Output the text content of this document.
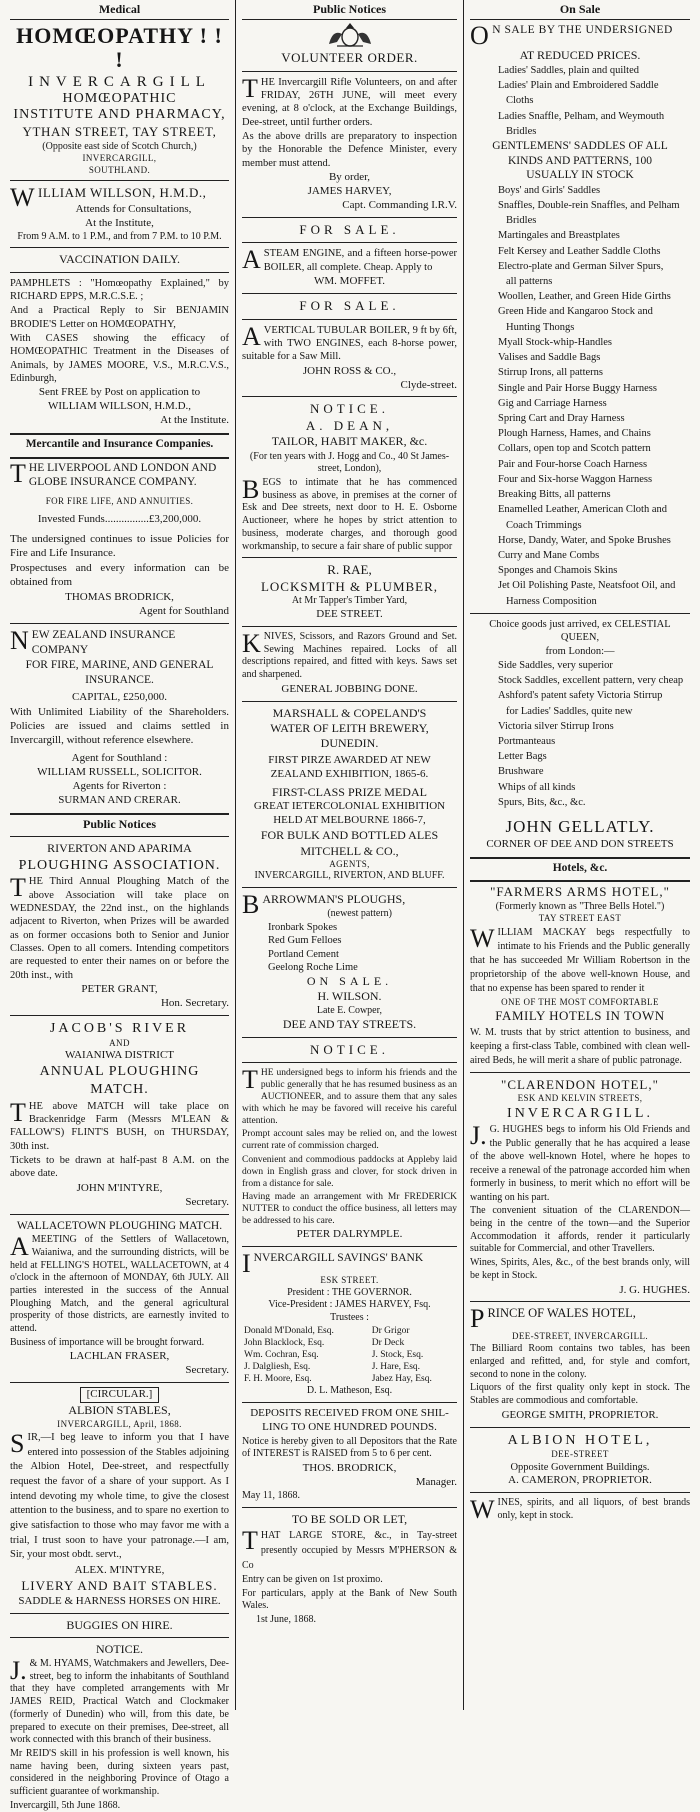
Medical
HOMŒOPATHY ! ! !
INVERCARGILL
HOMŒOPATHIC
INSTITUTE AND PHARMACY,
YTHAN STREET, TAY STREET,
(Opposite east side of Scotch Church,)
INVERCARGILL,
SOUTHLAND.

WILLIAM WILLSON, H.M.D.,

Attends for Consultations,
At the Institute,
From 9 A.M. to 1 P.M., and from 7 P.M. to 10 P.M.
VACCINATION DAILY.

PAMPHLETS : "Homœopathy Explained," by RICHARD EPPS, M.R.C.S.E. ;

And a Practical Reply to Sir BENJAMIN BRODIE'S Letter on HOMŒOPATHY,

With CASES showing the efficacy of HOMŒOPATHIC Treatment in the Diseases of Animals, by JAMES MOORE, V.S., M.R.C.V.S., Edinburgh,

Sent FREE by Post on application to
WILLIAM WILLSON, H.M.D.,
At the Institute.
Mercantile and Insurance Companies.

THE LIVERPOOL AND LONDON AND GLOBE INSURANCE COMPANY.

FOR FIRE LIFE, AND ANNUITIES.
Invested Funds................£3,200,000.

The undersigned continues to issue Policies for Fire and Life Insurance.

Prospectuses and every information can be obtained from

THOMAS BRODRICK,
Agent for Southland

NEW ZEALAND INSURANCE COMPANY

FOR FIRE, MARINE, AND GENERAL INSURANCE.
CAPITAL, £250,000.

With Unlimited Liability of the Shareholders. Policies are issued and claims settled in Invercargill, without reference elsewhere.

Agent for Southland :
WILLIAM RUSSELL, SOLICITOR.
Agents for Riverton :
SURMAN AND CRERAR.
Public Notices
RIVERTON AND APARIMA
PLOUGHING ASSOCIATION.

THE Third Annual Ploughing Match of the above Association will take place on WEDNESDAY, the 22nd inst., on the highlands adjacent to Riverton, when Prizes will be awarded as on former occasions both to Senior and Junior Classes. Open to all comers. Intending competitors are requested to enter their names on or before the 20th inst., with

PETER GRANT,
Hon. Secretary.
JACOB'S RIVER
AND
WAIANIWA DISTRICT
ANNUAL PLOUGHING MATCH.

THE above MATCH will take place on Brackenridge Farm (Messrs M'LEAN & FALLOW'S) FLINT'S BUSH, on THURSDAY, 30th inst.

Tickets to be drawn at half-past 8 A.M. on the above date.

JOHN M'INTYRE,
Secretary.
WALLACETOWN PLOUGHING MATCH.

AMEETING of the Settlers of Wallacetown, Waianiwa, and the surrounding districts, will be held at FELLING'S HOTEL, WALLACETOWN, at 4 o'clock in the afternoon of MONDAY, 6th JULY. All parties interested in the success of the Annual Ploughing Match, and the general agricultural prosperity of those districts, are earnestly invited to attend.

Business of importance will be brought forward.

LACHLAN FRASER,
Secretary.
[CIRCULAR.]
ALBION STABLES,
INVERCARGILL, April, 1868.

SIR,—I beg leave to inform you that I have entered into possession of the Stables adjoining the Albion Hotel, Dee-street, and respectfully request the favor of a share of your support. As I intend devoting my whole time, to give the closest attention to the business, and to spare no exertion to give satisfaction to those who may favor me with a trial, I trust soon to have your patronage.—I am, Sir, your most obdt. servt.,

ALEX. M'INTYRE,
LIVERY AND BAIT STABLES.
SADDLE & HARNESS HORSES ON HIRE.
BUGGIES ON HIRE.
NOTICE.

J.& M. HYAMS, Watchmakers and Jewellers, Dee-street, beg to inform the inhabitants of Southland that they have completed arrangements with Mr JAMES REID, Practical Watch and Clockmaker (formerly of Dunedin) who will, from this date, be prepared to execute on their premises, Dee-street, all work connected with this branch of their business.

Mr REID'S skill in his profession is well known, his name having been, during sixteen years past, considered in the neighboring Province of Otago a sufficient guarantee of workmanship.

Invercargill, 5th June 1868.
Public Notices
VOLUNTEER ORDER.

THE Invercargill Rifle Volunteers, on and after FRIDAY, 26TH JUNE, will meet every evening, at 8 o'clock, at the Exchange Buildings, Dee-street, until further orders.

As the above drills are preparatory to inspection by the Honorable the Defence Minister, every member must attend.

By order,
JAMES HARVEY,
Capt. Commanding I.R.V.
FOR SALE.

ASTEAM ENGINE, and a fifteen horse-power BOILER, all complete. Cheap. Apply to

WM. MOFFET.
FOR SALE.

AVERTICAL TUBULAR BOILER, 9 ft by 6ft, with TWO ENGINES, each 8-horse power, suitable for a Saw Mill.

JOHN ROSS & CO.,
Clyde-street.
NOTICE.
A. DEAN,
TAILOR, HABIT MAKER, &c.

(For ten years with J. Hogg and Co., 40 St James-street, London),

BEGS to intimate that he has commenced business as above, in premises at the corner of Esk and Dee streets, next door to H. E. Osborne Auctioneer, where he hopes by strict attention to business, moderate charges, and thorough good workmanship, to secure a fair share of public suppor

R. RAE,
LOCKSMITH & PLUMBER,
At Mr Tapper's Timber Yard,
DEE STREET.

KNIVES, Scissors, and Razors Ground and Set. Sewing Machines repaired. Locks of all descriptions repaired, and fitted with keys. Saws set and sharpened.

GENERAL JOBBING DONE.
MARSHALL & COPELAND'S
WATER OF LEITH BREWERY,
DUNEDIN.
FIRST PIRZE AWARDED AT NEW
ZEALAND EXHIBITION, 1865-6.
FIRST-CLASS PRIZE MEDAL
GREAT IETERCOLONIAL EXHIBITION
HELD AT MELBOURNE 1866-7,
FOR BULK AND BOTTLED ALES
MITCHELL & CO.,
AGENTS,
INVERCARGILL, RIVERTON, AND BLUFF.

BARROWMAN'S PLOUGHS,

(newest pattern)
Ironbark Spokes
Red Gum Felloes
Portland Cement
Geelong Roche Lime
ON SALE.
H. WILSON.
Late E. Cowper,
DEE AND TAY STREETS.
NOTICE.

THE undersigned begs to inform his friends and the public generally that he has resumed business as an AUCTIONEER, and to assure them that any sales with which he may be favored will receive his careful attention.

Prompt account sales may be relied on, and the lowest current rate of commission charged.

Convenient and commodious paddocks at Appleby laid down in English grass and clover, for stock driven in from a distance for sale.

Having made an arrangement with Mr FREDERICK NUTTER to conduct the office business, all letters may be addressed to his care.

PETER DALRYMPLE.

INVERCARGILL SAVINGS' BANK

ESK STREET.
President : THE GOVERNOR.
Vice-President : JAMES HARVEY, Fsq.
Trustees :
Donald M'Donald, Esq.	Dr Grigor
John Blacklock, Esq.	Dr Deck
Wm. Cochran, Esq.	J. Stock, Esq.
J. Dalgliesh, Esq.	J. Hare, Esq.
F. H. Moore, Esq.	Jabez Hay, Esq.
D. L. Matheson, Esq.
DEPOSITS RECEIVED FROM ONE SHIL-
LING TO ONE HUNDRED POUNDS.

Notice is hereby given to all Depositors that the Rate of INTEREST is RAISED from 5 to 6 per cent.

THOS. BRODRICK,
Manager.
May 11, 1868.
TO BE SOLD OR LET,

THAT LARGE STORE, &c., in Tay-street presently occupied by Messrs M'PHERSON & Co

Entry can be given on 1st proximo.

For particulars, apply at the Bank of New South Wales.

1st June, 1868.
On Sale

ON SALE BY THE UNDERSIGNED

AT REDUCED PRICES.
Ladies' Saddles, plain and quilted
Ladies' Plain and Embroidered Saddle
Cloths
Ladies Snaffle, Pelham, and Weymouth
Bridles
GENTLEMENS' SADDLES OF ALL
KINDS AND PATTERNS, 100
USUALLY IN STOCK
Boys' and Girls' Saddles
Snaffles, Double-rein Snaffles, and Pelham
Bridles
Martingales and Breastplates
Felt Kersey and Leather Saddle Cloths
Electro-plate and German Silver Spurs,
all patterns
Woollen, Leather, and Green Hide Girths
Green Hide and Kangaroo Stock and
Hunting Thongs
Myall Stock-whip-Handles
Valises and Saddle Bags
Stirrup Irons, all patterns
Single and Pair Horse Buggy Harness
Gig and Carriage Harness
Spring Cart and Dray Harness
Plough Harness, Hames, and Chains
Collars, open top and Scotch pattern
Pair and Four-horse Coach Harness
Four and Six-horse Waggon Harness
Breaking Bitts, all patterns
Enamelled Leather, American Cloth and
Coach Trimmings
Horse, Dandy, Water, and Spoke Brushes
Curry and Mane Combs
Sponges and Chamois Skins
Jet Oil Polishing Paste, Neatsfoot Oil, and
Harness Composition
Choice goods just arrived, ex CELESTIAL QUEEN,
from London:—
Side Saddles, very superior
Stock Saddles, excellent pattern, very cheap
Ashford's patent safety Victoria Stirrup
for Ladies' Saddles, quite new
Victoria silver Stirrup Irons
Portmanteaus
Letter Bags
Brushware
Whips of all kinds
Spurs, Bits, &c., &c.
JOHN GELLATLY.
CORNER OF DEE AND DON STREETS
Hotels, &c.
"FARMERS ARMS HOTEL,"
(Formerly known as "Three Bells Hotel.")
TAY STREET EAST

WILLIAM MACKAY begs respectfully to intimate to his Friends and the Public generally that he has succeeded Mr William Robertson in the proprietorship of the above well-known House, and that no expense has been spared to render it

ONE OF THE MOST COMFORTABLE
FAMILY HOTELS IN TOWN

W. M. trusts that by strict attention to business, and keeping a first-class Table, combined with clean well-aired Beds, he will merit a share of public patronage.

"CLARENDON HOTEL,"
ESK AND KELVIN STREETS,
INVERCARGILL.

J.G. HUGHES begs to inform his Old Friends and the Public generally that he has acquired a lease of the above well-known Hotel, where he hopes to receive a renewal of the patronage accorded him when formerly in business, to merit which no effort will be wanting on his part.

The convenient situation of the CLARENDON—being in the centre of the town—and the Superior Accommodation it affords, render it particularly suitable for Commercial, and other Travellers.

Wines, Spirits, Ales, &c., of the best brands only, will be kept in Stock.

J. G. HUGHES.

PRINCE OF WALES HOTEL,

DEE-STREET, INVERCARGILL.

The Billiard Room contains two tables, has been enlarged and refitted, and, for style and comfort, second to none in the colony.

Liquors of the first quality only kept in stock. The Stables are commodious and comfortable.

GEORGE SMITH, PROPRIETOR.
ALBION HOTEL,
DEE-STREET
Opposite Government Buildings.
A. CAMERON, PROPRIETOR.

WINES, spirits, and all liquors, of best brands only, kept in stock.
